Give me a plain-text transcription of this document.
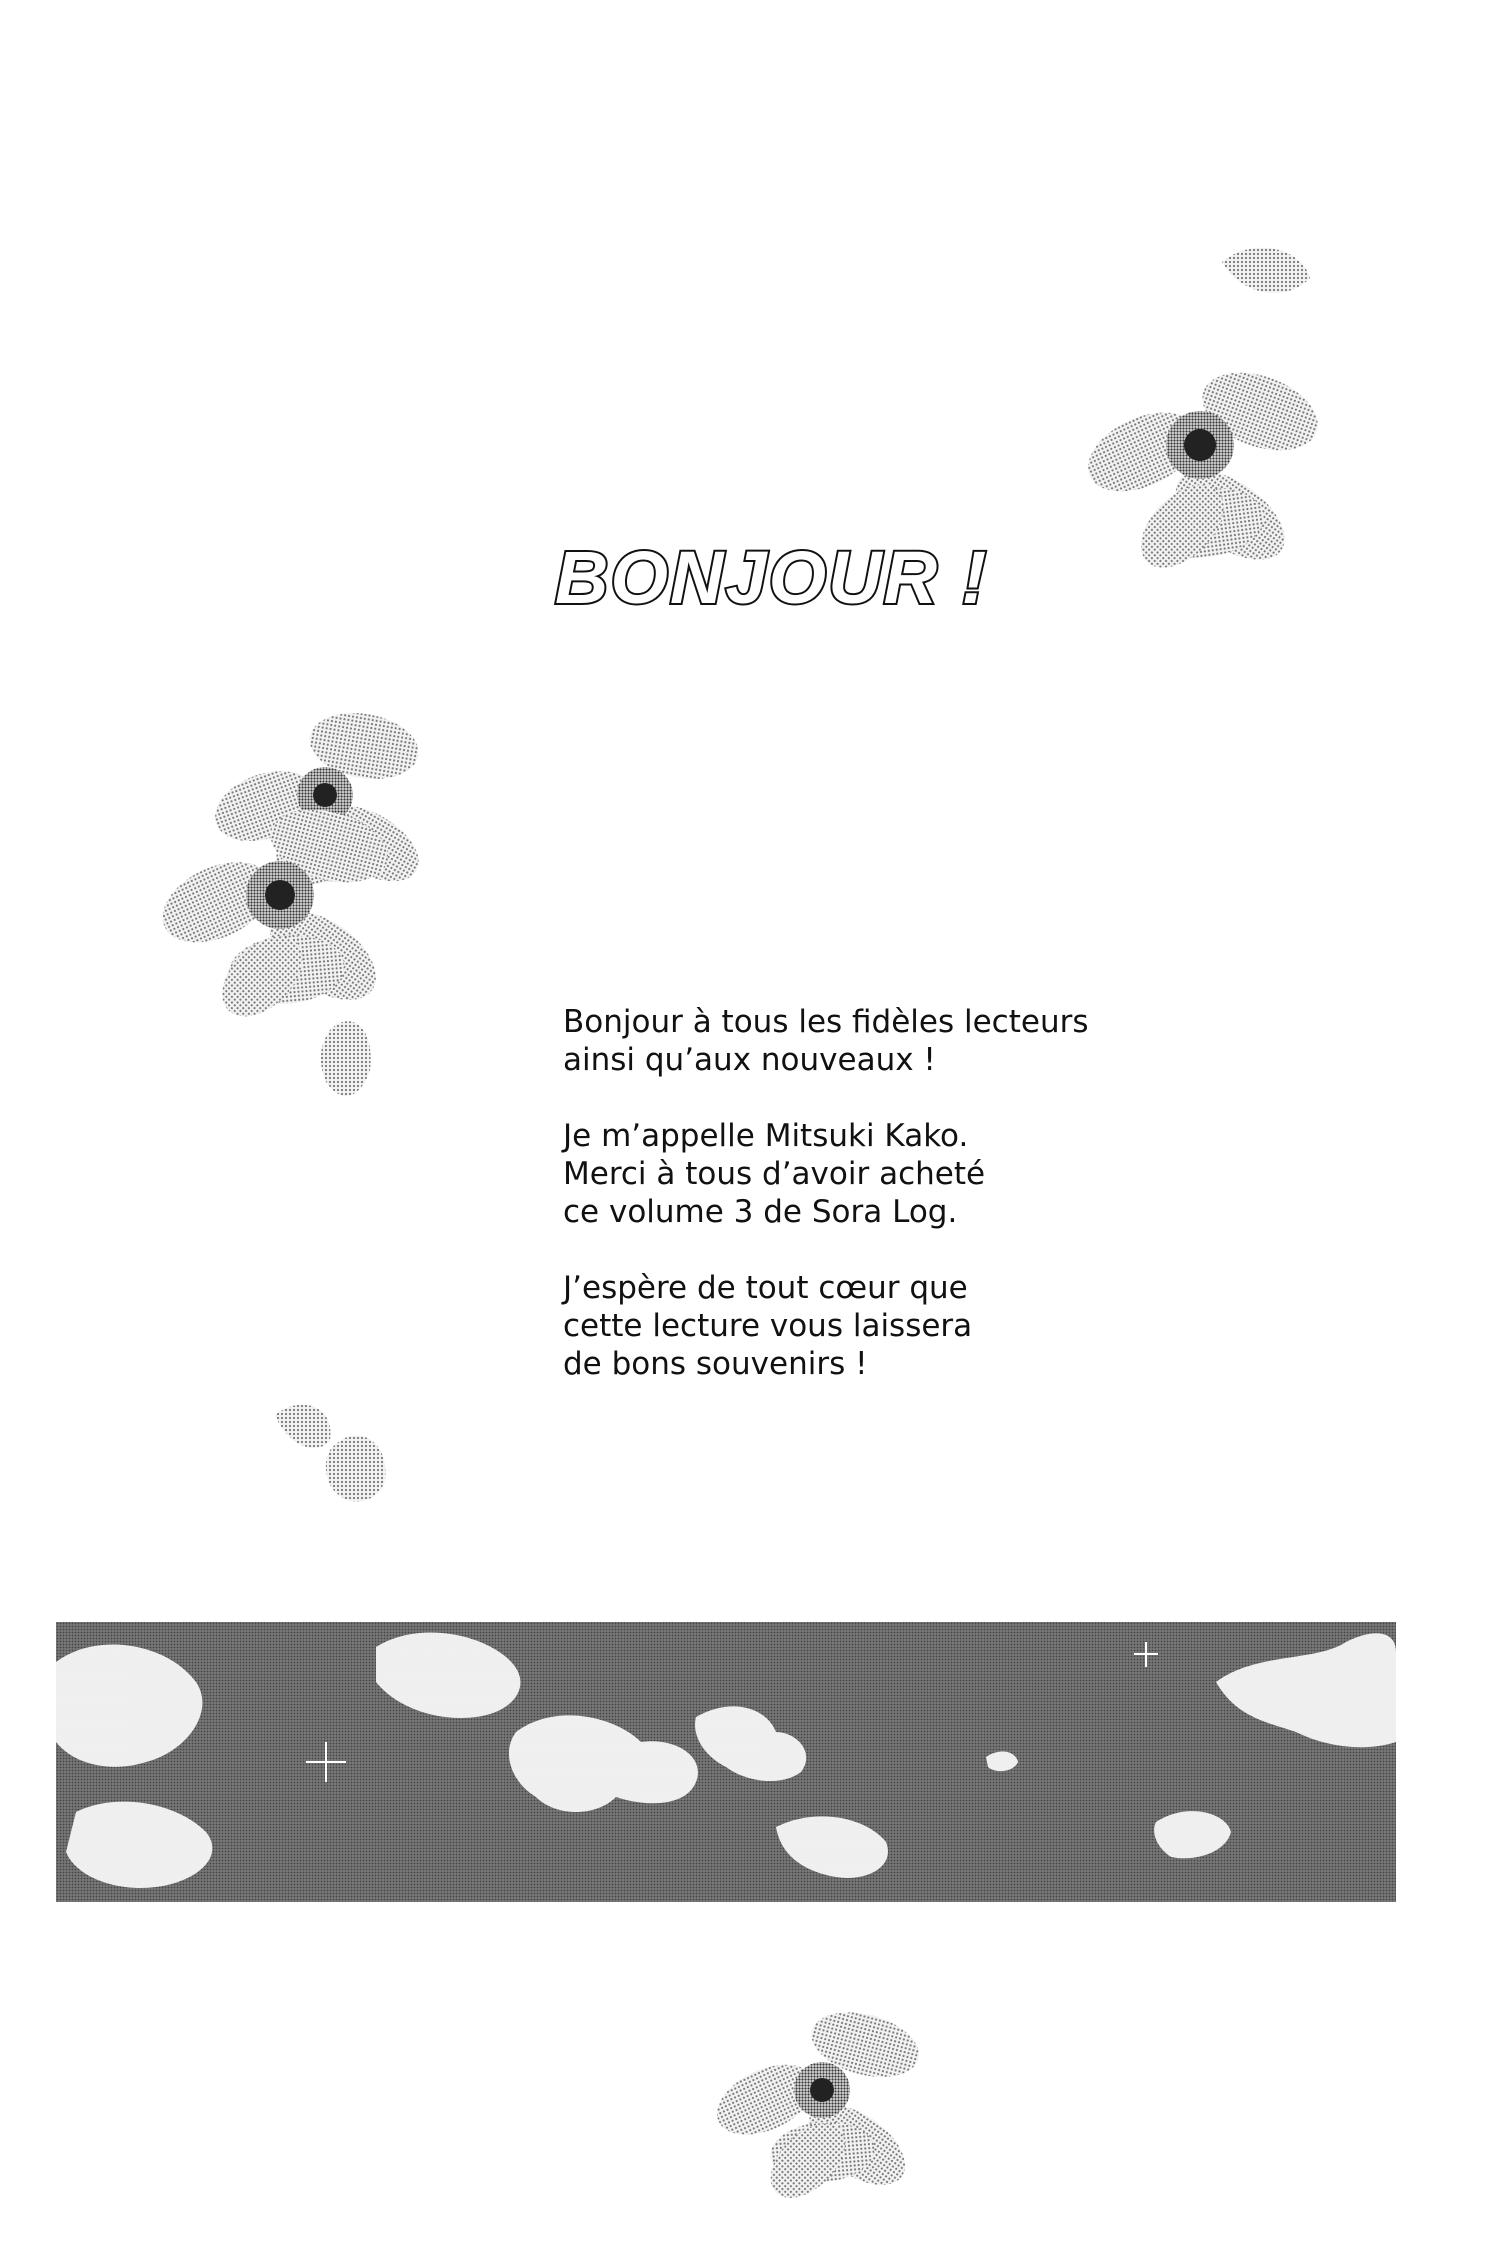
BONJOUR !

Bonjour à tous les fidèles lecteurs
ainsi qu’aux nouveaux !

Je m’appelle Mitsuki Kako.
Merci à tous d’avoir acheté
ce volume 3 de Sora Log.

J’espère de tout cœur que
cette lecture vous laissera
de bons souvenirs !
